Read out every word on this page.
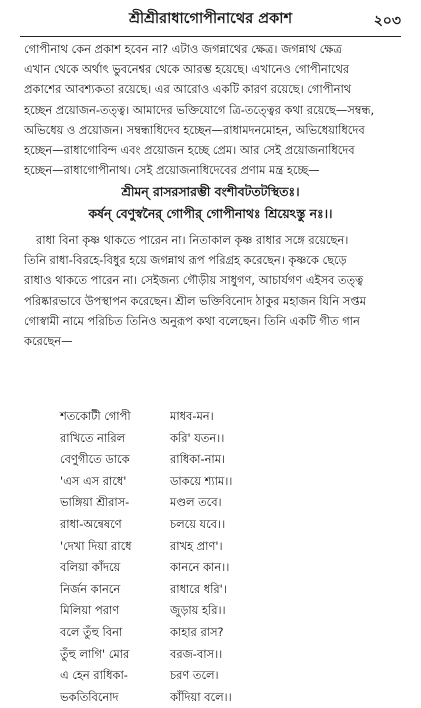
শ্রীশ্রীরাধাগোপীনাথের প্রকাশ	২০৩

গোপীনাথ কেন প্রকাশ হবেন না? এটাও জগন্নাথের ক্ষেত্র। জগন্নাথ ক্ষেত্র

এখান থেকে অর্থাৎ ভুবনেশ্বর থেকে আরম্ভ হয়েছে। এখানেও গোপীনাথের

প্রকাশের আবশ্যকতা রয়েছে। এর আরোও একটি কারণ রয়েছে। গোপীনাথ

হচ্ছেন প্রয়োজন-তত্ত্ব। আমাদের ভক্তিযোগে ত্রি-তত্ত্বের কথা রয়েছে—সম্বন্ধ,

অভিধেয় ও প্রয়োজন। সম্বন্ধাধিদেব হচ্ছেন—রাধামদনমোহন, অভিধেয়াধিদেব

হচ্ছেন—রাধাগোবিন্দ এবং প্রয়োজন হচ্ছে প্রেম। আর সেই প্রয়োজনাধিদেব

হচ্ছেন—রাধাগোপীনাথ। সেই প্রয়োজনাধিদেবের প্রণাম মন্ত্র হচ্ছে—

শ্রীমন্ রাসরসারম্ভী বংশীবটতটস্থিতঃ।

কর্ষন্ বেণুস্বনৈর্ গোপীর্ গোপীনাথঃ শ্রিয়েঽস্তু নঃ।।

রাধা বিনা কৃষ্ণ থাকতে পারেন না। নিতাকাল কৃষ্ণ রাধার সঙ্গে রয়েছেন।

তিনি রাধা-বিরহে-বিধুর হয়ে জগন্নাথ রূপ পরিগ্রহ করেছেন। কৃষ্ণকে ছেড়ে

রাধাও থাকতে পারেন না। সেইজন্য গৌড়ীয় সাধুগণ, আচার্যগণ এইসব তত্ত্ব

পরিষ্কারভাবে উপস্থাপন করেছেন। শ্রীল ভক্তিবিনোদ ঠাকুর মহাজন যিনি সপ্তম

গোস্বামী নামে পরিচিত তিনিও অনুরূপ কথা বলেছেন। তিনি একটি গীত গান

করেছেন—

শতকোটী গোপী	মাধব-মন।
রাখিতে নারিল	করি' যতন।।
বেণুগীতে ডাকে	রাধিকা-নাম।
'এস এস রাধে'	ডাকয়ে শ্যাম।।
ভাঙ্গিয়া শ্রীরাস-	মণ্ডল তবে।
রাধা-অন্বেষণে	চলয়ে যবে।।
'দেখা দিয়া রাধে	রাখহ প্রাণ'।
বলিয়া কাঁদয়ে	কাননে কান।।
নির্জন কাননে	রাধারে ধরি'।
মিলিয়া পরাণ	জুড়ায় হরি।।
বলে তুঁহু বিনা	কাহার রাস?
তুঁহু লাগি' মোর	বরজ-বাস।।
এ হেন রাধিকা-	চরণ তলে।
ভকতিবিনোদ	কাঁদিয়া বলে।।
